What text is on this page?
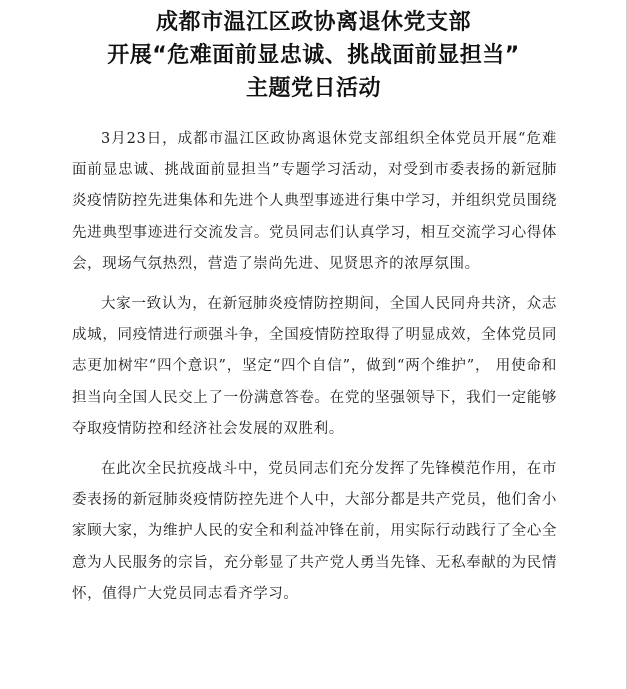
成都市温江区政协离退休党支部
开展“危难面前显忠诚、挑战面前显担当”
主题党日活动

3月23日，成都市温江区政协离退休党支部组织全体党员开展“危难面前显忠诚、挑战面前显担当”专题学习活动，对受到市委表扬的新冠肺炎疫情防控先进集体和先进个人典型事迹进行集中学习，并组织党员围绕先进典型事迹进行交流发言。党员同志们认真学习，相互交流学习心得体会，现场气氛热烈，营造了崇尚先进、见贤思齐的浓厚氛围。

大家一致认为，在新冠肺炎疫情防控期间，全国人民同舟共济，众志成城，同疫情进行顽强斗争，全国疫情防控取得了明显成效，全体党员同志更加树牢“四个意识”，坚定“四个自信”，做到“两个维护”， 用使命和担当向全国人民交上了一份满意答卷。在党的坚强领导下，我们一定能够夺取疫情防控和经济社会发展的双胜利。

在此次全民抗疫战斗中，党员同志们充分发挥了先锋模范作用，在市委表扬的新冠肺炎疫情防控先进个人中，大部分都是共产党员，他们舍小家顾大家，为维护人民的安全和利益冲锋在前，用实际行动践行了全心全意为人民服务的宗旨，充分彰显了共产党人勇当先锋、无私奉献的为民情怀，值得广大党员同志看齐学习。
